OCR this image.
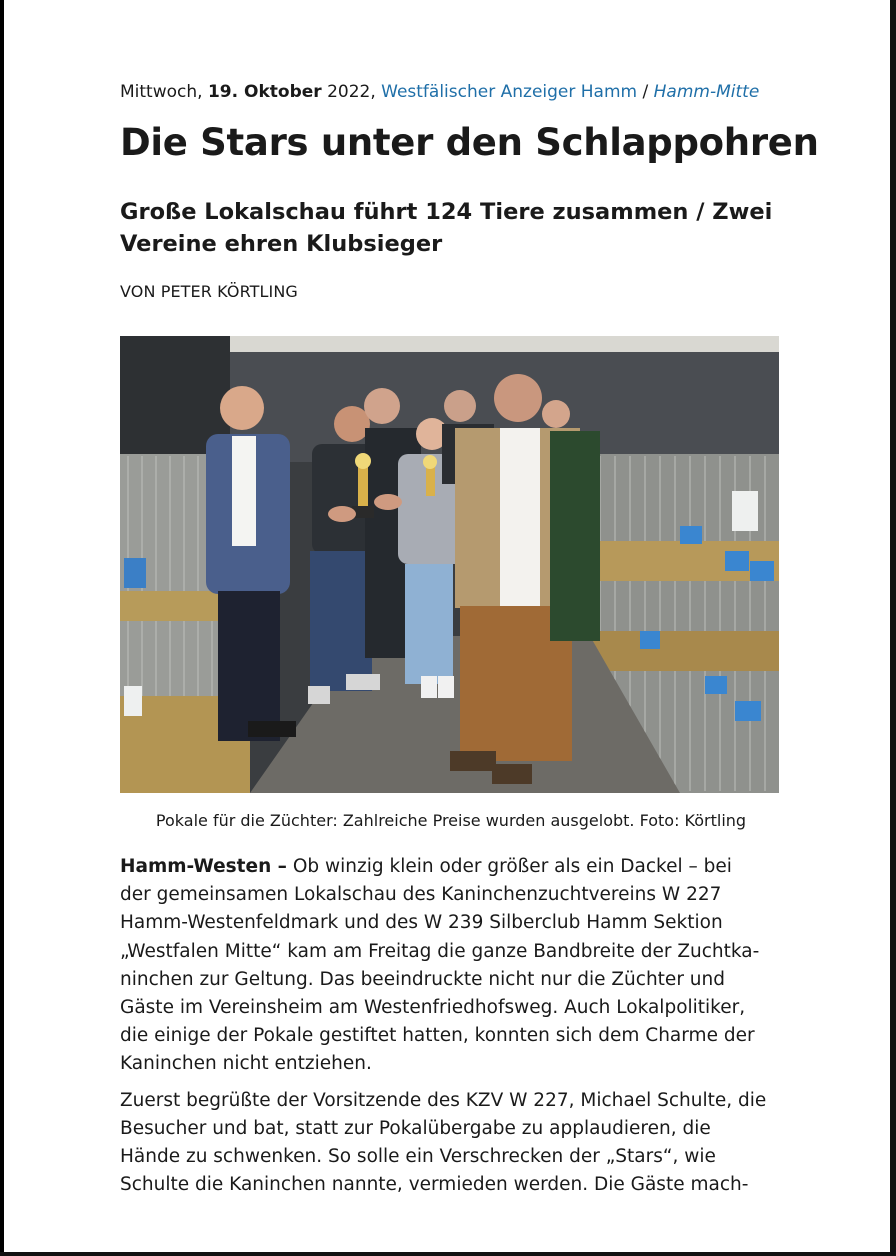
Mittwoch, 19. Oktober 2022, Westfälischer Anzeiger Hamm / Hamm-Mitte
Die Stars unter den Schlappohren
Große Lokalschau führt 124 Tiere zusammen / Zwei Vereine ehren Klubsieger
VON PETER KÖRTLING
Pokale für die Züchter: Zahlreiche Preise wurden ausgelobt. Foto: Körtling

Hamm-Westen – Ob winzig klein oder größer als ein Dackel – bei
der gemeinsamen Lokalschau des Kaninchenzuchtvereins W 227
Hamm-Westenfeldmark und des W 239 Silberclub Hamm Sektion
„Westfalen Mitte“ kam am Freitag die ganze Bandbreite der Zuchtka-
ninchen zur Geltung. Das beeindruckte nicht nur die Züchter und
Gäste im Vereinsheim am Westenfriedhofsweg. Auch Lokalpolitiker,
die einige der Pokale gestiftet hatten, konnten sich dem Charme der
Kaninchen nicht entziehen.

Zuerst begrüßte der Vorsitzende des KZV W 227, Michael Schulte, die
Besucher und bat, statt zur Pokalübergabe zu applaudieren, die
Hände zu schwenken. So solle ein Verschrecken der „Stars“, wie
Schulte die Kaninchen nannte, vermieden werden. Die Gäste mach-
